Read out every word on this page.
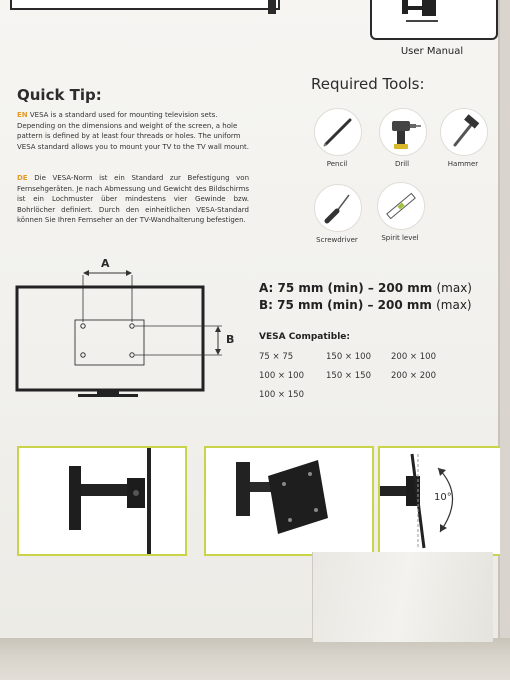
User Manual
Quick Tip:
EN VESA is a standard used for mounting television sets. Depending on the dimensions and weight of the screen, a hole pattern is defined by at least four threads or holes. The uniform VESA standard allows you to mount your TV to the TV wall mount.
DE Die VESA-Norm ist ein Standard zur Befestigung von Fernsehgeräten. Je nach Abmessung und Gewicht des Bildschirms ist ein Lochmuster über mindestens vier Gewinde bzw. Bohrlöcher definiert. Durch den einheitlichen VESA-Standard können Sie Ihren Fernseher an der TV-Wandhalterung befestigen.
Required Tools:
Pencil	Drill	Hammer
Screwdriver	Spirit level
A
B
A: 75 mm (min) – 200 mm (max)
B: 75 mm (min) – 200 mm (max)
VESA Compatible:
75 × 75	150 × 100 200 × 100
100 × 100	150 × 150 200 × 200
100 × 150
10°
